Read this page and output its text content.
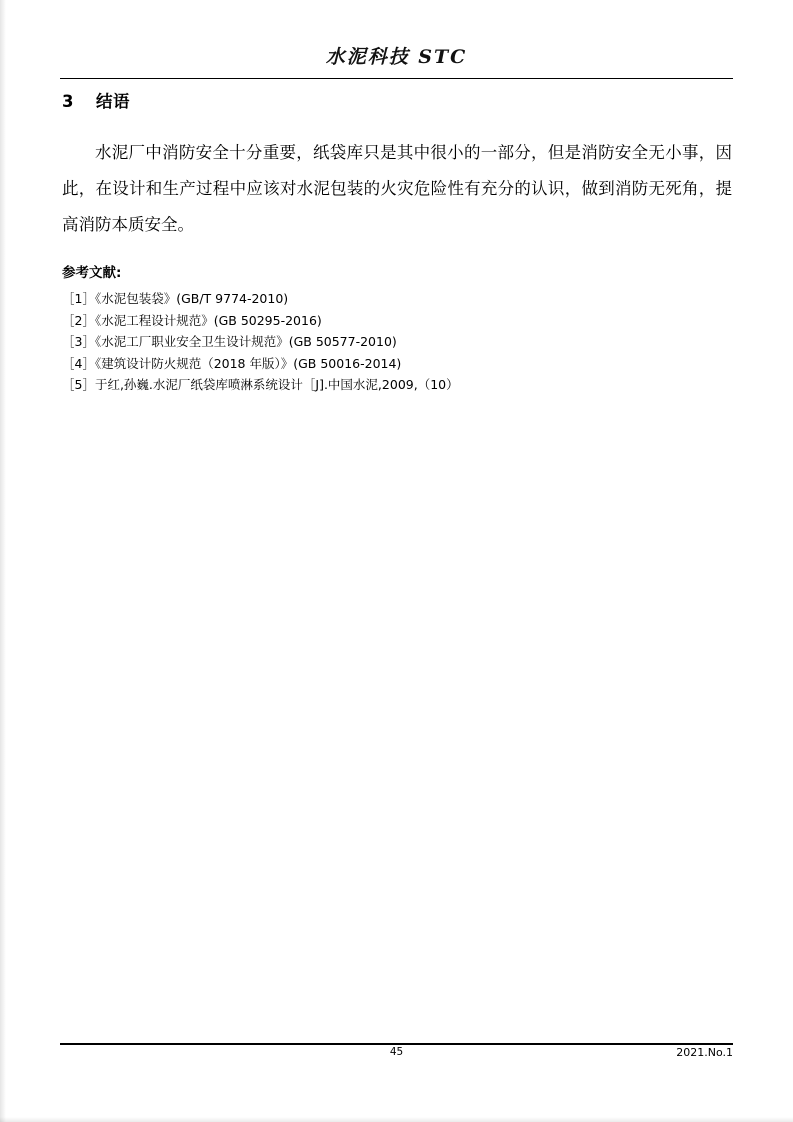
水泥科技 STC
3 结语

水泥厂中消防安全十分重要，纸袋库只是其中很小的一部分，但是消防安全无小事，因此，在设计和生产过程中应该对水泥包装的火灾危险性有充分的认识，做到消防无死角，提高消防本质安全。

参考文献:
［1］《水泥包装袋》(GB/T 9774-2010)
［2］《水泥工程设计规范》(GB 50295-2016)
［3］《水泥工厂职业安全卫生设计规范》(GB 50577-2010)
［4］《建筑设计防火规范（2018 年版）》(GB 50016-2014)
［5］于红,孙巍.水泥厂纸袋库喷淋系统设计［J].中国水泥,2009,（10）
45	2021.No.1
